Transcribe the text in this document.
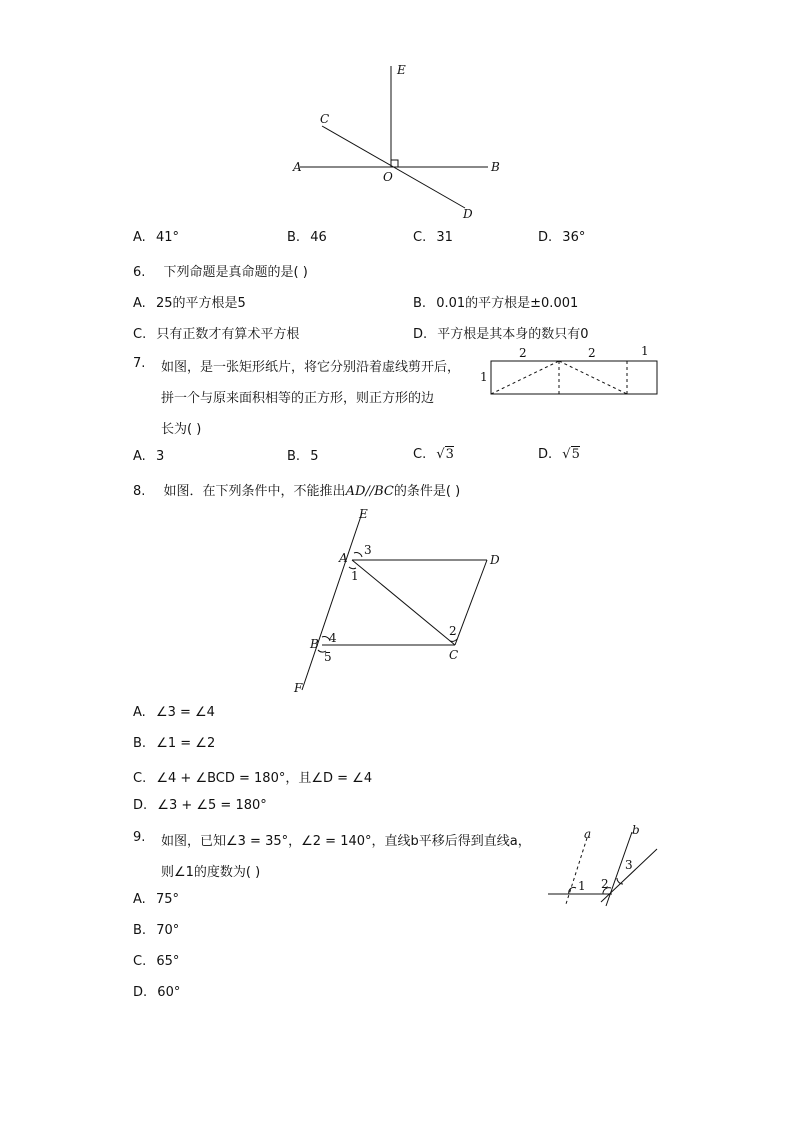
E
C
A
O
B
D
A. 41°	B. 46	C. 31	D. 36°
6. 下列命题是真命题的是( )
A. 25的平方根是5	B. 0.01的平方根是±0.001
C. 只有正数才有算术平方根	D. 平方根是其本身的数只有0
7. 如图，是一张矩形纸片，将它分别沿着虚线剪开后，
拼一个与原来面积相等的正方形，则正方形的边
长为( )
2	2	1
1
A. 3	B. 5	C. √3	D. √5
8. 如图．在下列条件中，不能推出AD//BC的条件是( )
E
A	D
3
1
2
B 4
5	C
F
A. ∠3 = ∠4
B. ∠1 = ∠2
C. ∠4 + ∠BCD = 180°，且∠D = ∠4
D. ∠3 + ∠5 = 180°
9. 如图，已知∠3 = 35°，∠2 = 140°，直线b平移后得到直线a，
则∠1的度数为( )
a	b
1 2
3
A. 75°
B. 70°
C. 65°
D. 60°
